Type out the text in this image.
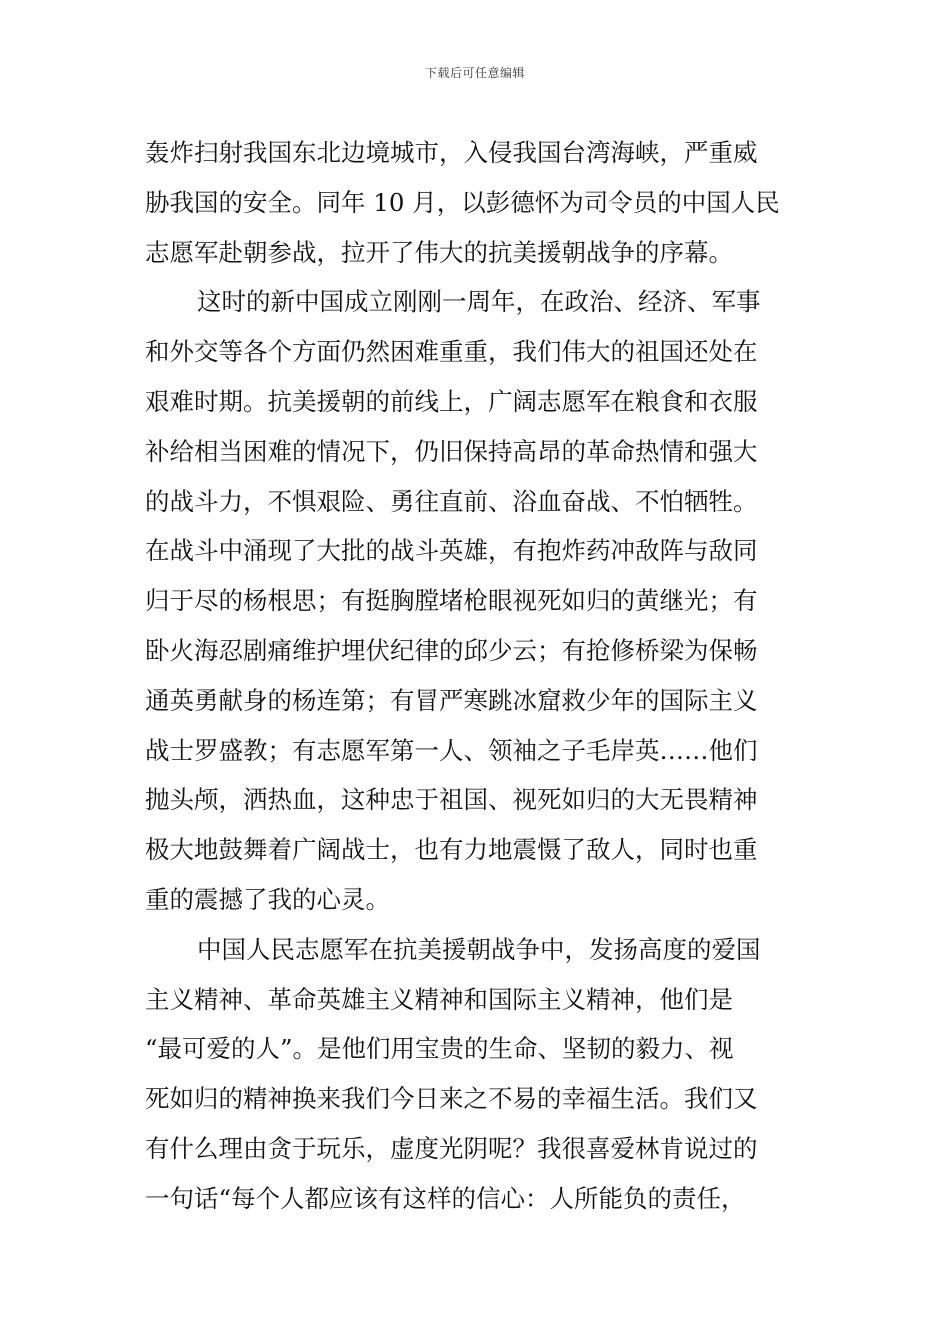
下载后可任意编辑
轰炸扫射我国东北边境城市，入侵我国台湾海峡，严重威
胁我国的安全。同年 10 月，以彭德怀为司令员的中国人民
志愿军赴朝参战，拉开了伟大的抗美援朝战争的序幕。
这时的新中国成立刚刚一周年，在政治、经济、军事
和外交等各个方面仍然困难重重，我们伟大的祖国还处在
艰难时期。抗美援朝的前线上，广阔志愿军在粮食和衣服
补给相当困难的情况下，仍旧保持高昂的革命热情和强大
的战斗力，不惧艰险、勇往直前、浴血奋战、不怕牺牲。
在战斗中涌现了大批的战斗英雄，有抱炸药冲敌阵与敌同
归于尽的杨根思；有挺胸膛堵枪眼视死如归的黄继光；有
卧火海忍剧痛维护埋伏纪律的邱少云；有抢修桥梁为保畅
通英勇献身的杨连第；有冒严寒跳冰窟救少年的国际主义
战士罗盛教；有志愿军第一人、领袖之子毛岸英……他们
抛头颅，洒热血，这种忠于祖国、视死如归的大无畏精神
极大地鼓舞着广阔战士，也有力地震慑了敌人，同时也重
重的震撼了我的心灵。
中国人民志愿军在抗美援朝战争中，发扬高度的爱国
主义精神、革命英雄主义精神和国际主义精神，他们是
“最可爱的人”。是他们用宝贵的生命、坚韧的毅力、视
死如归的精神换来我们今日来之不易的幸福生活。我们又
有什么理由贪于玩乐，虚度光阴呢？我很喜爱林肯说过的
一句话“每个人都应该有这样的信心：人所能负的责任，
